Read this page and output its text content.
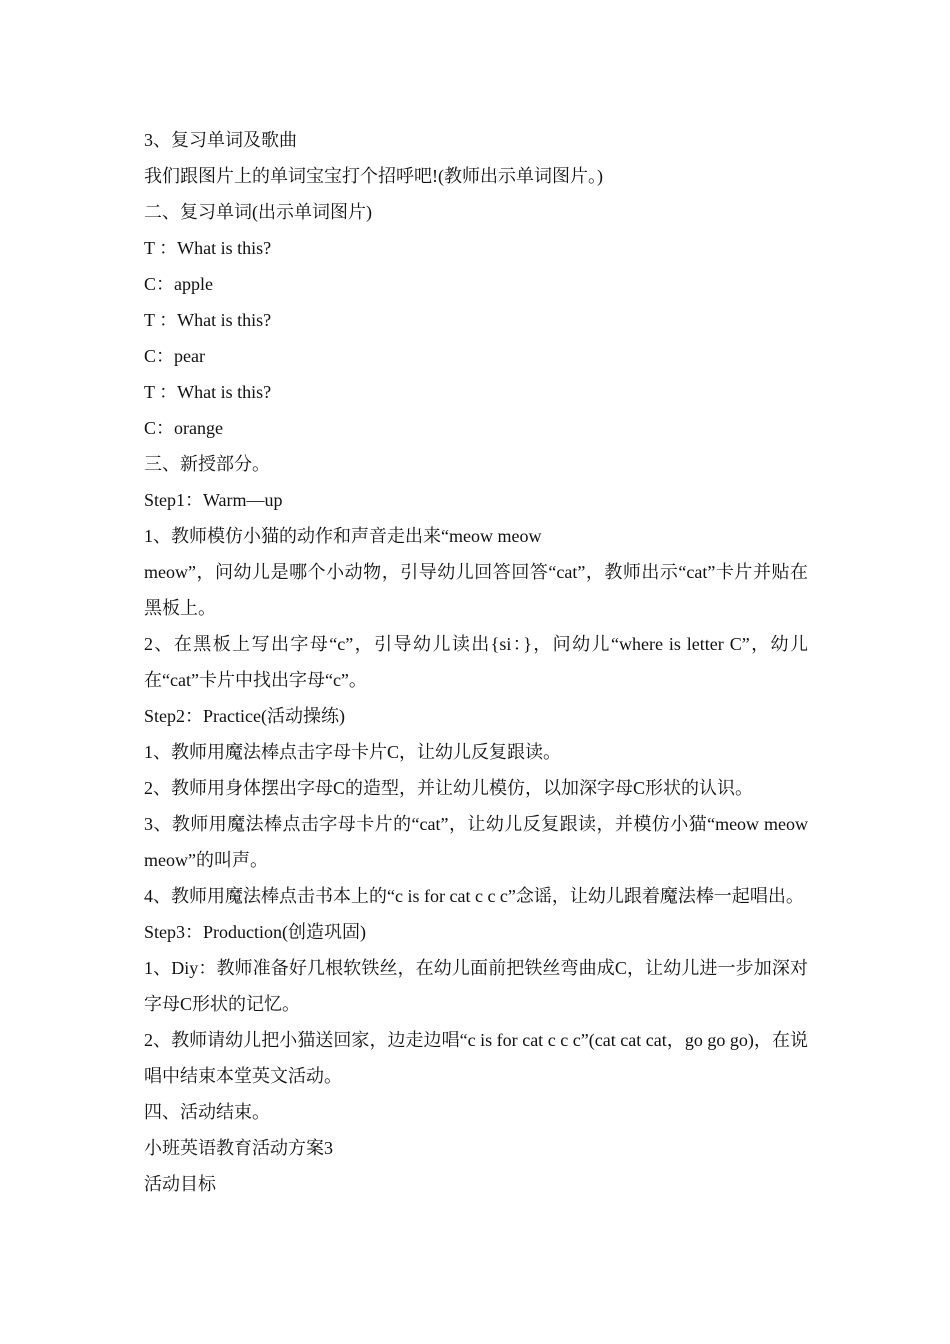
3、复习单词及歌曲

我们跟图片上的单词宝宝打个招呼吧!(教师出示单词图片。)

二、复习单词(出示单词图片)

T ：What is this?

C：apple

T ：What is this?

C：pear

T ：What is this?

C：orange

三、新授部分。

Step1：Warm—up

1、教师模仿小猫的动作和声音走出来“meow meow

meow”，问幼儿是哪个小动物，引导幼儿回答回答“cat”，教师出示“cat”卡片并贴在黑板上。

2、在黑板上写出字母“c”，引导幼儿读出{si：}，问幼儿“where is letter C”，幼儿在“cat”卡片中找出字母“c”。

Step2：Practice(活动操练)

1、教师用魔法棒点击字母卡片C，让幼儿反复跟读。

2、教师用身体摆出字母C的造型，并让幼儿模仿，以加深字母C形状的认识。

3、教师用魔法棒点击字母卡片的“cat”，让幼儿反复跟读，并模仿小猫“meow meow meow”的叫声。

4、教师用魔法棒点击书本上的“c is for cat c c c”念谣，让幼儿跟着魔法棒一起唱出。

Step3：Production(创造巩固)

1、Diy：教师准备好几根软铁丝，在幼儿面前把铁丝弯曲成C，让幼儿进一步加深对字母C形状的记忆。

2、教师请幼儿把小猫送回家，边走边唱“c is for cat c c c”(cat cat cat，go go go)，在说唱中结束本堂英文活动。

四、活动结束。

小班英语教育活动方案3

活动目标
